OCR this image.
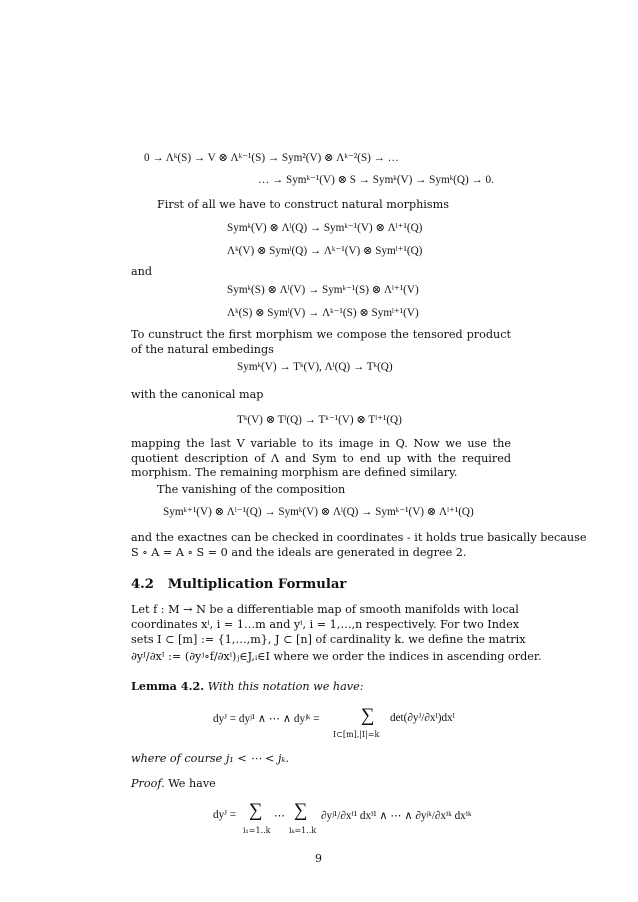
0 → Λᵏ(S) → V ⊗ Λᵏ⁻¹(S) → Sym²(V) ⊗ Λᵏ⁻²(S) → …
… → Symᵏ⁻¹(V) ⊗ S → Symᵏ(V) → Symᵏ(Q) → 0.
First of all we have to construct natural morphisms
Symᵏ(V) ⊗ Λˡ(Q) → Symᵏ⁻¹(V) ⊗ Λˡ⁺¹(Q)
Λᵏ(V) ⊗ Symˡ(Q) → Λᵏ⁻¹(V) ⊗ Symˡ⁺¹(Q)
and
Symᵏ(S) ⊗ Λˡ(V) → Symᵏ⁻¹(S) ⊗ Λˡ⁺¹(V)
Λᵏ(S) ⊗ Symˡ(V) → Λᵏ⁻¹(S) ⊗ Symˡ⁺¹(V)
To cunstruct the first morphism we compose the tensored product of the natural embedings
Symᵏ(V) → Tᵏ(V), Λˡ(Q) → Tᵏ(Q)
with the canonical map
Tᵏ(V) ⊗ Tˡ(Q) → Tᵏ⁻¹(V) ⊗ Tˡ⁺¹(Q)
mapping the last V variable to its image in Q. Now we use the quotient description of Λ and Sym to end up with the required morphism. The remaining morphism are defined similary.
The vanishing of the composition
Symᵏ⁺¹(V) ⊗ Λˡ⁻¹(Q) → Symᵏ(V) ⊗ Λˡ(Q) → Symᵏ⁻¹(V) ⊗ Λˡ⁺¹(Q)
and the exactnes can be checked in coordinates - it holds true basically because
S ∘ A = A ∘ S = 0 and the ideals are generated in degree 2.
4.2 Multiplication Formular
Let f : M → N be a differentiable map of smooth manifolds with local
coordinates xⁱ, i = 1…m and yⁱ, i = 1,…,n respectively. For two Index
sets I ⊂ [m] := {1,…,m}, J ⊂ [n] of cardinality k. we define the matrix
∂yᴶ/∂xᴵ := (∂yʲ∘f/∂xⁱ)ⱼ∈J,ᵢ∈I where we order the indices in ascending order.
Lemma 4.2. With this notation we have:
dyᴶ = dyʲ¹ ∧ ⋯ ∧ dyʲᵏ = ∑
I⊂[m],|I|=k
det(∂yᴶ/∂xᴵ)dxᴵ
where of course j₁ < ⋯ < jₖ.
Proof. We have
dyᴶ = ∑
i₁=1..k
⋯ ∑
iₖ=1..k
∂yʲ¹/∂xⁱ¹ dxⁱ¹ ∧ ⋯ ∧ ∂yʲᵏ/∂xⁱᵏ dxⁱᵏ
9
